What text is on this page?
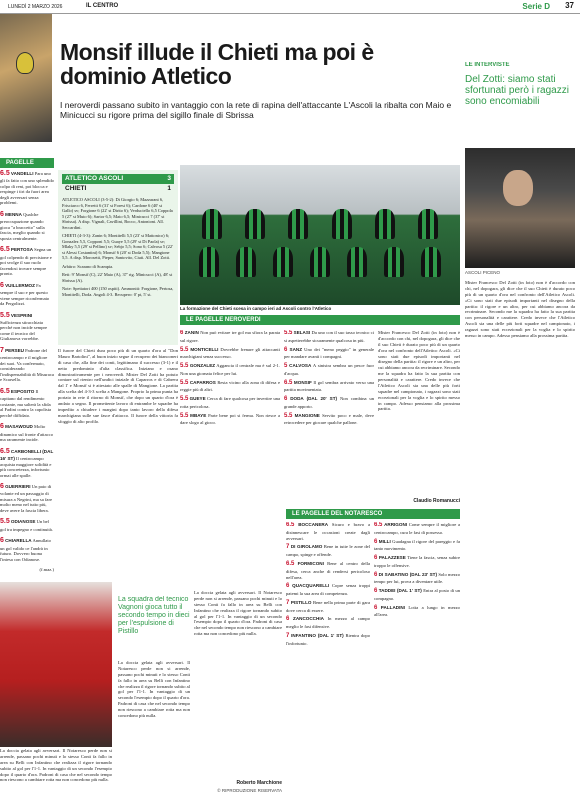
LUNEDÌ 2 MARZO 2026	IL CENTRO	Serie D 37
Monsif illude il Chieti ma poi è dominio Atletico
I neroverdi passano subito in vantaggio con la rete di rapina dell'attaccante L'Ascoli la ribalta con Maio e Minicucci su rigore prima del sigillo finale di Sbrissa
LE INTERVISTE
Del Zotti: siamo stati sfortunati però i ragazzi sono encomiabili
ASCOLI PICENO
Mister Francesco Del Zotti (in foto) non è d'accordo con chi, nel dopogara, gli dice che il suo Chieti è durato poco più di un quarto d'ora nel confronto dell'Atletico Ascoli. «Ci sono stati due episodi importanti nel disegno della partita: il rigore e un altro, per cui abbiamo ancora da recriminare. Secondo me la squadra ha fatto la sua partita con personalità e carattere. Credo invece che l'Atletico Ascoli sia una delle più forti squadre nel campionato, i ragazzi sono stati eccezionali per la voglia e lo spirito messo in campo. Adesso pensiamo alla prossima partita.
PAGELLE
6.5 VANDELLI Para uno gli fa fatto con uno splendido colpo di reni, poi blocca e respinge i tiri da fuori area degli avversari senza problemi.
6 MENNA Qualche preoccupazione quando gioca "a braccetto" sulla fascia, meglio quando si sposta centralmente.
6.5 PERTOSA Segna un gol colpendo di precisione e poi svolge il suo ruolo facendosi trovare sempre pronto.
6 VUILLERMOZ Fa sempre il suo e per questo viene sempre riconfermato da Pergolizzi.
5.5 VESPRINI Sufficienza stiracchiata perché non incide sempre come il tecnico del Giulianova vorrebbe.
7 PERSEU Padrone del centrocampo e il migliore dei suoi. Va confermato, considerando l'indispensabilità di Misuraca e Scarsella.
6.5 ESPOSITO Il capitano dal rendimento costante, ma salterà la sfida al Fadini contro la capolista perché diffidato.
6 MASAWOUD Molto dinamico sul fronte d'attacco ma raramente incide.
6.5 CARBONELLI (DAL 16' ST) Il centrocampo acquista maggiore solidità e più concretezza, infortunio ormai alle spalle.
6 GUERRIERI Un paio di volante ed un passaggio di misura a Negrini, ma sa fare molto meno nel tutto più, deve avere la fascia libera.
5.5 ODIANOSE Un bel gol tra impegno e continuità.
6 CHIARELLA Annullato un gol valido ce l'andrà in futuro. Dovvero buona l'intesa con Odianose.
(f.maz.)
ATLETICO ASCOLI	3
CHIETI	1

ATLETICO ASCOLI (3-5-2): Di Giorgio 6; Mazzarani 6, Frisciarco 6, Ferretti 6 (31' st Foresi 6); Cardone 6 (40' st Gallo) sv; Forgione 6 (22' st Dirito 6); Verduciello 6,5 Coppola 5 (27' st Muto 6); Sartor 6,5; Maio 6,5; Minicucci 7 (37' st Sbrissa). A disp. Vignali, Cavillini, Bocco, Antonioni. All. Seccardini.

CHIETI (4-3-3): Zanin 6; Montitelli 5,5 (23' st Mattonico) 6; Gonzalez 5,5, Copponi 5,5; Guaye 5,5 (29' st Di Paola) sv; Mlaky 5,5 (29' st Pellino) sv; Sebjo 5,5; Sono 6; Calvosa 5 (22' st Alessi Costantini) 6; Monsif 6 (20' st Doda 5,5); Mangione 5,5. A disp. Morosetti, Pieper, Santovito, Ciuti. All. Del Zotti.

Arbitro: Scarano di Scampia.

Reti: 9' Monsif (C), 22' Maio (A), 37' rig. Minicucci (A), 48' st Sbrissa (A).

Note: Spettatori 400 (150 ospiti). Ammoniti: Forgione, Pertosa, Montitelli, Doda. Angoli 4-3. Recupero: 0' pt, 5' st.

La formazione del Chieti scesa in campo ieri ad Ascoli contro l'Atletico
Il furore del Chieti dura poco più di un quarto d'ora al "Don Mauro Bartolini", al buon inizio segue il recupero dei bianconeri di casa che, alla fine dei conti, legittimano il successo (3-1) e il netto predominio d'alta classifica. Iniziano e osano dimostrativamente per i neroverdi. Mister Del Zotti ha potuto contare sul rientro nell'undici iniziale di Caparros e di Cabrera dal 1' e Monsif si è attestato alle spalle di Mangione. La partita alla scelta del 4-3-3 scelta a Mangone. Proprio la prima punta ha portato in rete il ritorno di Monsif, che dopo un quarto d'ora è andato a segno. Il promettente lavoro di entrambe le squadre ha impedito a chiudere i margini dopo tanto lavoro della difesa marchigiana sulle sue fasce d'attacco. Il furore della vittoria fa sfoggio di alto profilo.
LE PAGELLE NEROVERDI
6 ZANIN Non può evitare tre gol ma sfiora la parata sul rigore.
5.5 MONTICELLI Dovrebbe frenare gli attaccanti marchigiani senza successo.
5.5 GONZALEZ Aggancia il centrale ma è sul 2-1. Non una giornata felice per lui.
5.5 CAPARROS Resta vicino alla zona di difesa e reggie più di altri.
5.5 GUEYE Cerca di fare qualcosa per invertire una rotta pericolosa.
5.5 MBAYE Parte bene poi si ferma. Non riesce a dare slogo al gioco.
5.5 SELASI Da uno con il suo tasso tecnico ci si aspetterebbe sicuramente qualcosa in più.
6 SANZ Uno dei "meno peggio" in generale per mandare avanti i compagni.
5 CALVOSA A sinistra sembra un pesce fuor d'acqua.
6.5 MONSIF Il gol sembra arrivato verso una partita movimentata.
6 DODA (DAL 20' ST) Non combina un grande apporto.
5.5 MANGIONE Servito poco e male, deve retrocedere per giocare qualche pallone.
Mister Francesco Del Zotti (in foto) non è d'accordo con chi, nel dopogara, gli dice che il suo Chieti è durato poco più di un quarto d'ora nel confronto dell'Atletico Ascoli. «Ci sono stati due episodi importanti nel disegno della partita: il rigore e un altro, per cui abbiamo ancora da recriminare. Secondo me la squadra ha fatto la sua partita con personalità e carattere. Credo invece che l'Atletico Ascoli sia una delle più forti squadre nel campionato, i ragazzi sono stati eccezionali per la voglia e lo spirito messo in campo. Adesso pensiamo alla prossima partita.
La squadra del tecnico Vagnoni gioca tutto il secondo tempo in dieci per l'espulsione di Pistillo
La doccia gelata agli avversari. Il Notaresco perde non si arrende, passano pochi minuti e lo stesso Conti fa fallo in area su Belli con Infantino che realizza il rigore tornando subito al gol per l'1-1. In vantaggio di un secondo l'esempio dopo il quarto d'ora. Padroni di casa che nel secondo tempo non riescono a cambiare rotta ma non concedono più nulla.
La doccia gelata agli avversari. Il Notaresco perde non si arrende, passano pochi minuti e lo stesso Conti fa fallo in area su Belli con Infantino che realizza il rigore tornando subito al gol per l'1-1. In vantaggio di un secondo l'esempio dopo il quarto d'ora. Padroni di casa che nel secondo tempo non riescono a cambiare rotta ma non concedono più nulla.
La doccia gelata agli avversari. Il Notaresco perde non si arrende, passano pochi minuti e lo stesso Conti fa fallo in area su Belli con Infantino che realizza il rigore tornando subito al gol per l'1-1. In vantaggio di un secondo l'esempio dopo il quarto d'ora. Padroni di casa che nel secondo tempo non riescono a cambiare rotta ma non concedono più nulla.
Roberto Marchione
© RIPRODUZIONE RISERVATA
LE PAGELLE DEL NOTARESCO
6.5 BOCCANERA Sicuro e bravo a disinnescare le occasioni create dagli avversari.
7 DI GIROLAMO Bene in tutte le zone del campo, spinge e offende.
6.5 FORMICONI Bene al centro della difesa, cerca anche di rendersi pericoloso nell'area.
6 QUACQUARELLI Copre senza troppi patemi la sua area di competenza.
7 PISTILLO Bene nella prima parte di gara dove cerca di essere.
6 ZANCOCCHIA In mezzo al campo meglio le fasi difensive.
7 INFANTINO (DAL 1' ST) Rientra dopo l'infortunio.
6.5 ARRIGONI Come sempre il migliore a centrocampo, cura le fasi di possesso.
6 MILLI Guadagna il rigore del pareggio e fa tanto movimento.
6 PALAZZESE Tiene la fascia, senza subire troppo le offensive.
6 DI SABATINO (DAL 23' ST) Solo mezzo tempo per lui, prova a diventare utile.
6 TADDEI (DAL 1' ST) Entra al posto di un compagno.
6 PALLADINI Lotta a lungo in mezzo all'area.
Claudio Romanucci
